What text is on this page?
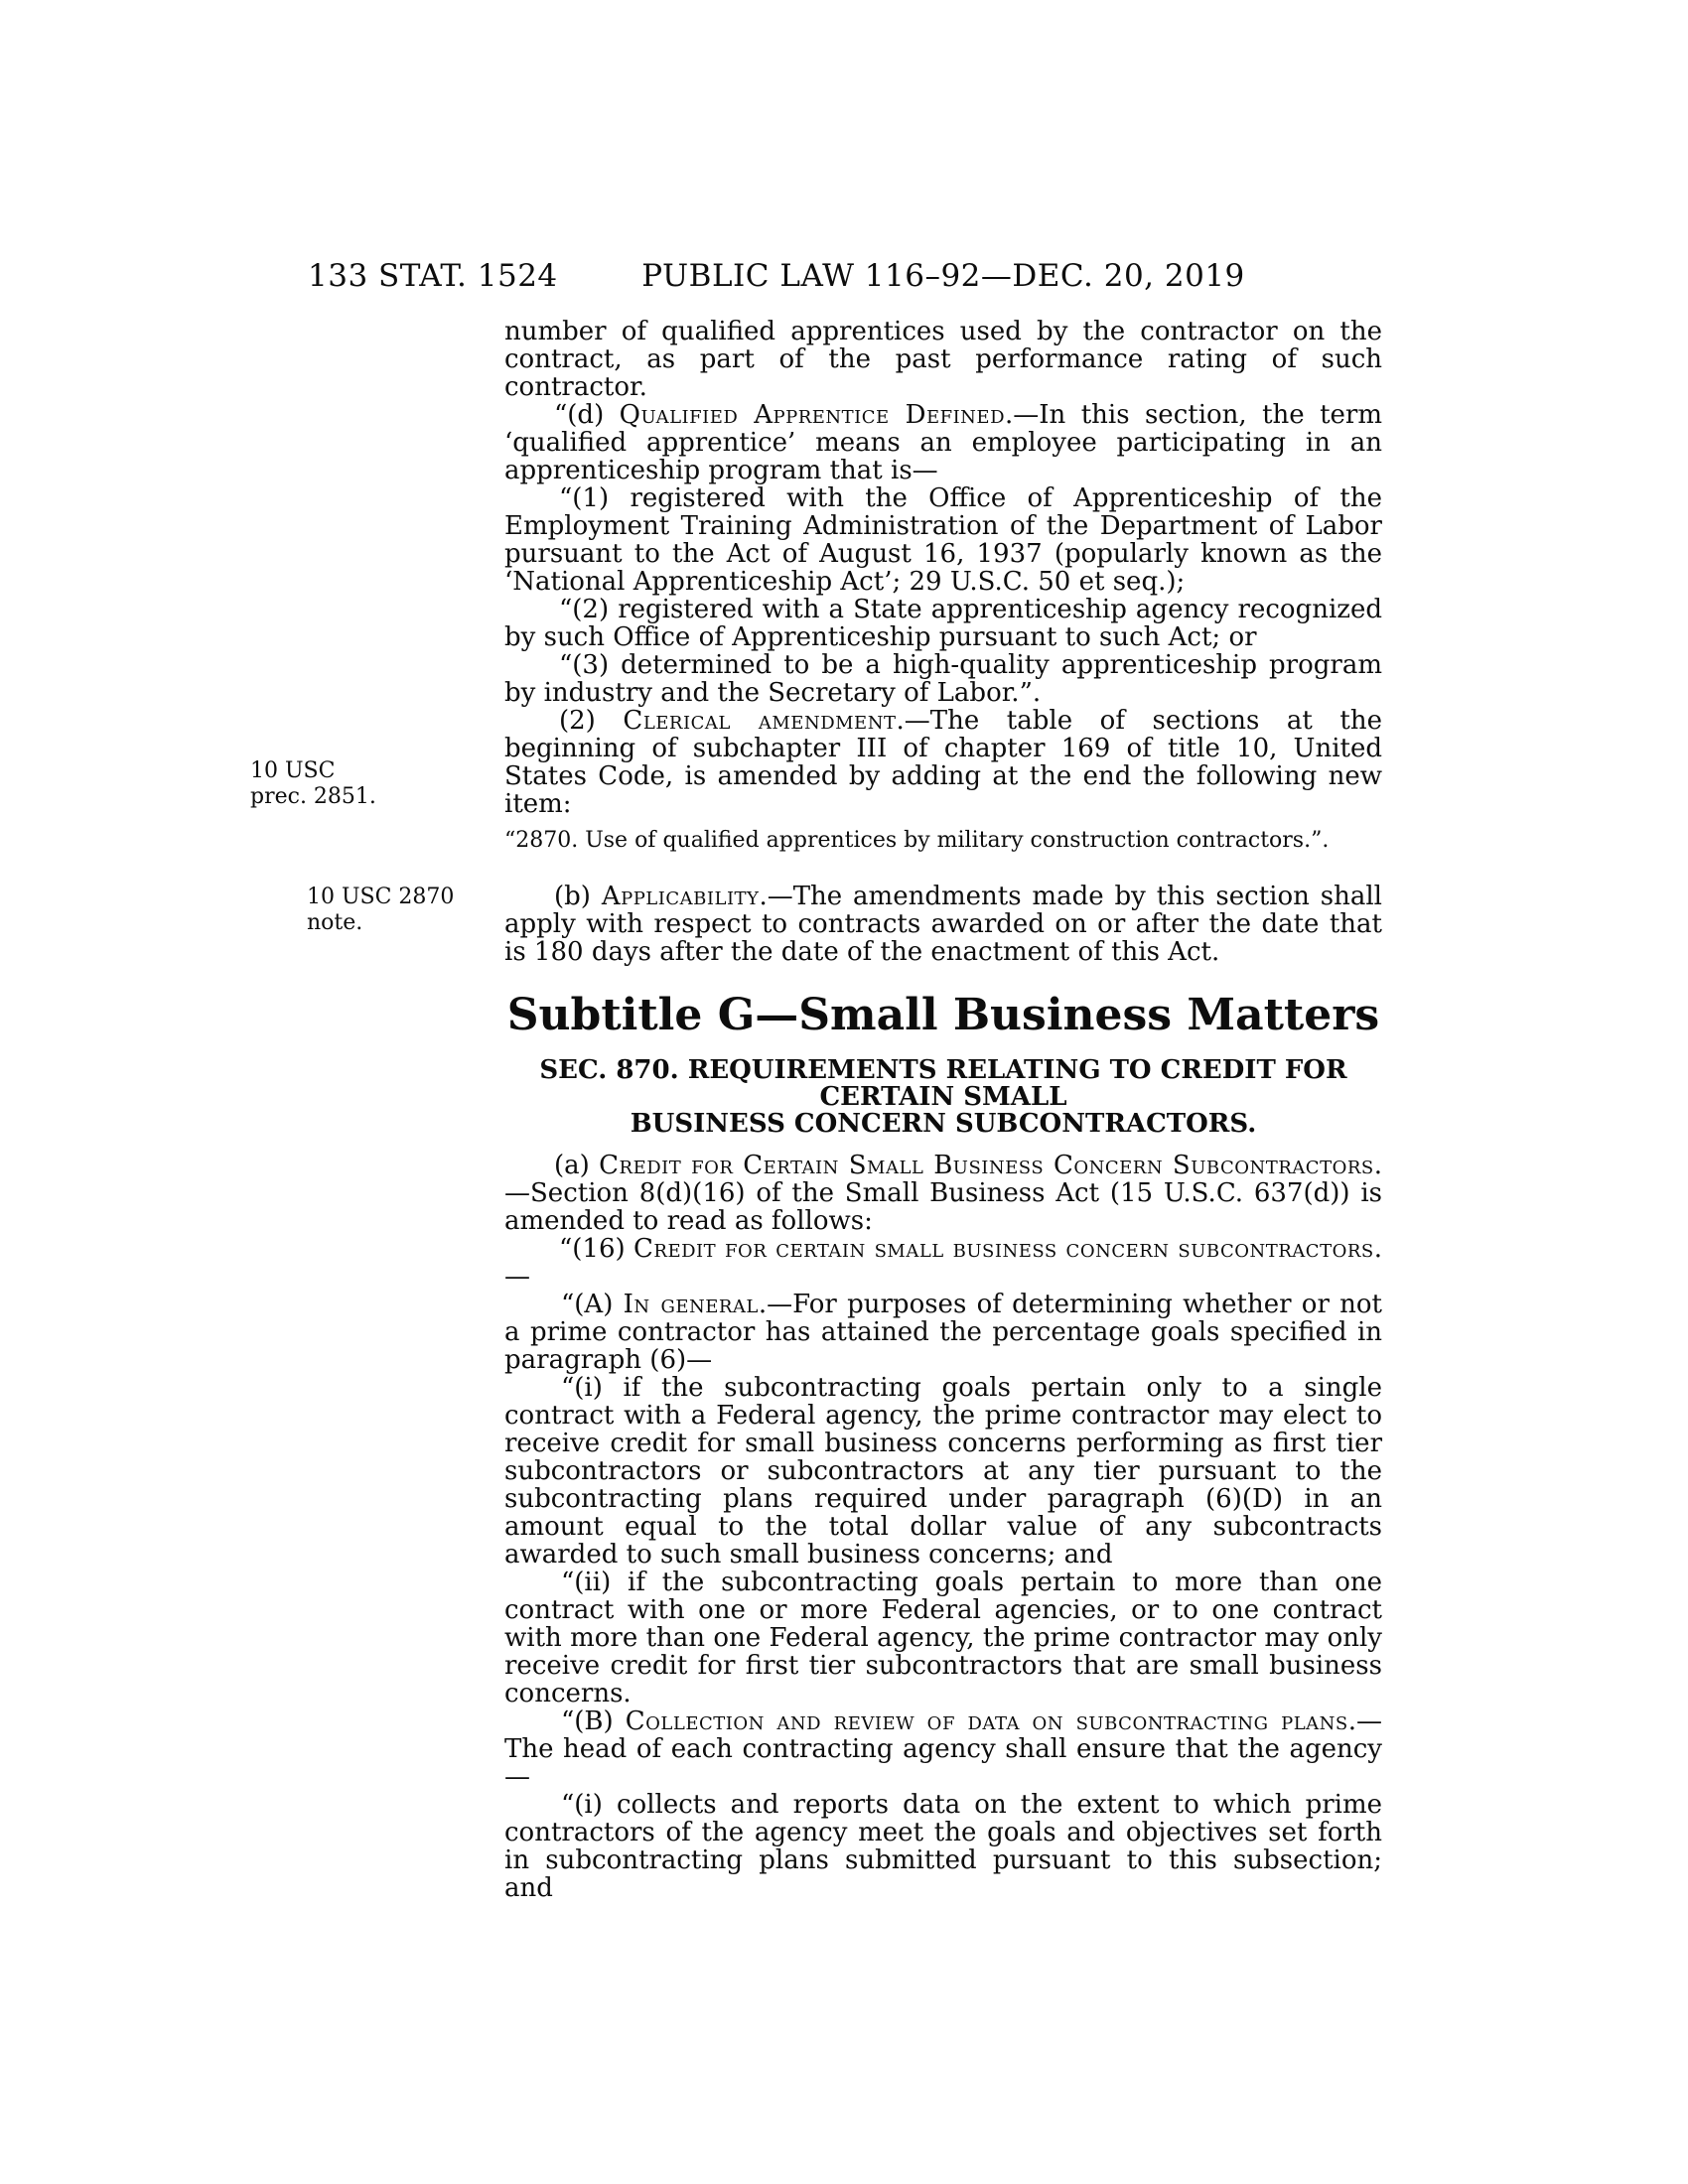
133 STAT. 1524	PUBLIC LAW 116–92—DEC. 20, 2019

number of qualified apprentices used by the contractor on the contract, as part of the past performance rating of such contractor.

“(d) Qualified Apprentice Defined.—In this section, the term ‘qualified apprentice’ means an employee participating in an apprenticeship program that is—

“(1) registered with the Office of Apprenticeship of the Employment Training Administration of the Department of Labor pursuant to the Act of August 16, 1937 (popularly known as the ‘National Apprenticeship Act’; 29 U.S.C. 50 et seq.);

“(2) registered with a State apprenticeship agency recognized by such Office of Apprenticeship pursuant to such Act; or

“(3) determined to be a high-quality apprenticeship program by industry and the Secretary of Labor.”.

10 USC
prec. 2851.
(2) Clerical amendment.—The table of sections at the beginning of subchapter III of chapter 169 of title 10, United States Code, is amended by adding at the end the following new item:

“2870. Use of qualified apprentices by military construction contractors.”.

10 USC 2870
note.
(b) Applicability.—The amendments made by this section shall apply with respect to contracts awarded on or after the date that is 180 days after the date of the enactment of this Act.

Subtitle G—Small Business Matters
SEC. 870. REQUIREMENTS RELATING TO CREDIT FOR CERTAIN SMALL
BUSINESS CONCERN SUBCONTRACTORS.

(a) Credit for Certain Small Business Concern Subcontractors.—Section 8(d)(16) of the Small Business Act (15 U.S.C. 637(d)) is amended to read as follows:

“(16) Credit for certain small business concern subcontractors.—

“(A) In general.—For purposes of determining whether or not a prime contractor has attained the percentage goals specified in paragraph (6)—

“(i) if the subcontracting goals pertain only to a single contract with a Federal agency, the prime contractor may elect to receive credit for small business concerns performing as first tier subcontractors or subcontractors at any tier pursuant to the subcontracting plans required under paragraph (6)(D) in an amount equal to the total dollar value of any subcontracts awarded to such small business concerns; and

“(ii) if the subcontracting goals pertain to more than one contract with one or more Federal agencies, or to one contract with more than one Federal agency, the prime contractor may only receive credit for first tier subcontractors that are small business concerns.

“(B) Collection and review of data on subcontracting plans.—The head of each contracting agency shall ensure that the agency—

“(i) collects and reports data on the extent to which prime contractors of the agency meet the goals and objectives set forth in subcontracting plans submitted pursuant to this subsection; and
